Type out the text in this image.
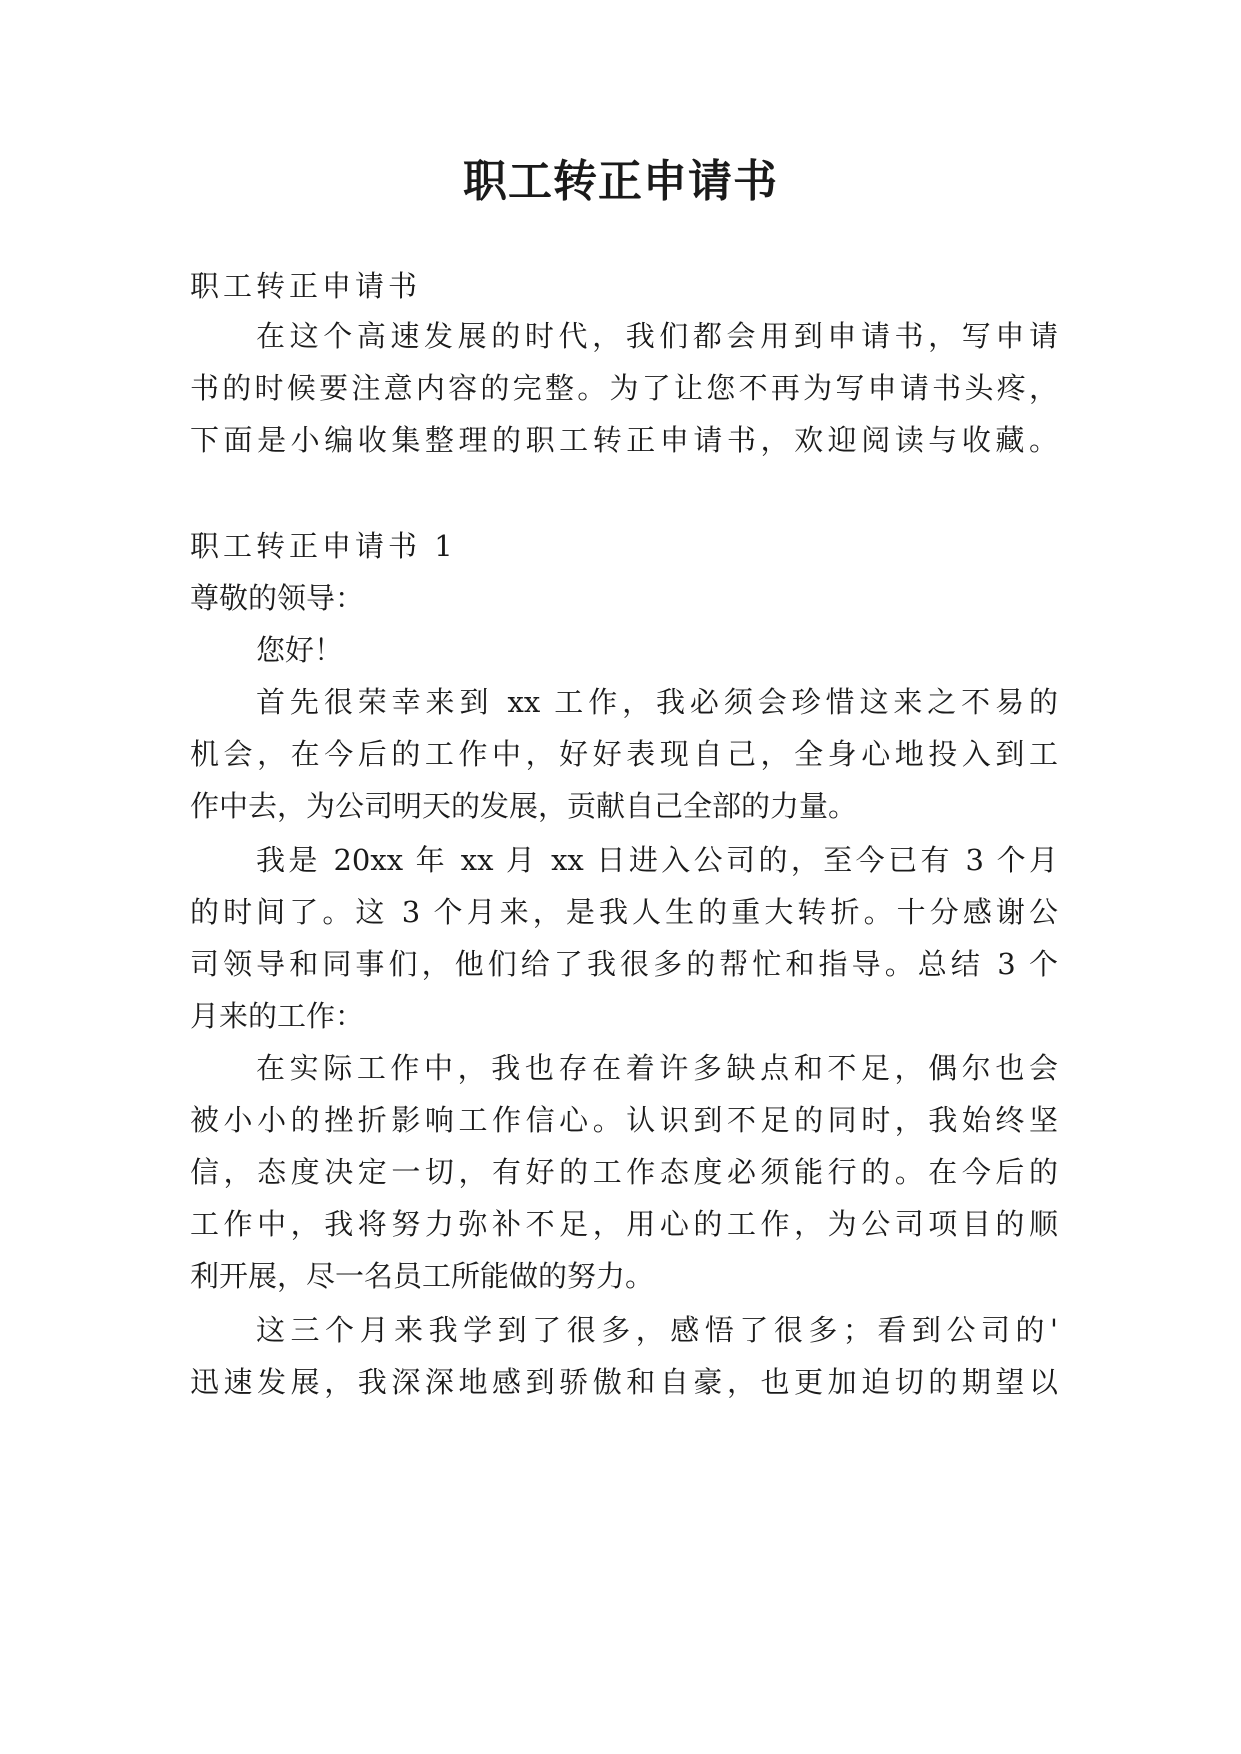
职工转正申请书
职工转正申请书
在这个高速发展的时代，我们都会用到申请书，写申请
书的时候要注意内容的完整。为了让您不再为写申请书头疼，
下面是小编收集整理的职工转正申请书，欢迎阅读与收藏。
职工转正申请书 1
尊敬的领导：
您好！
首先很荣幸来到 xx 工作，我必须会珍惜这来之不易的
机会，在今后的工作中，好好表现自己，全身心地投入到工
作中去，为公司明天的发展，贡献自己全部的力量。
我是 20xx 年 xx 月 xx 日进入公司的，至今已有 3 个月
的时间了。这 3 个月来，是我人生的重大转折。十分感谢公
司领导和同事们，他们给了我很多的帮忙和指导。总结 3 个
月来的工作：
在实际工作中，我也存在着许多缺点和不足，偶尔也会
被小小的挫折影响工作信心。认识到不足的同时，我始终坚
信，态度决定一切，有好的工作态度必须能行的。在今后的
工作中，我将努力弥补不足，用心的工作，为公司项目的顺
利开展，尽一名员工所能做的努力。
这三个月来我学到了很多，感悟了很多；看到公司的'
迅速发展，我深深地感到骄傲和自豪，也更加迫切的期望以
